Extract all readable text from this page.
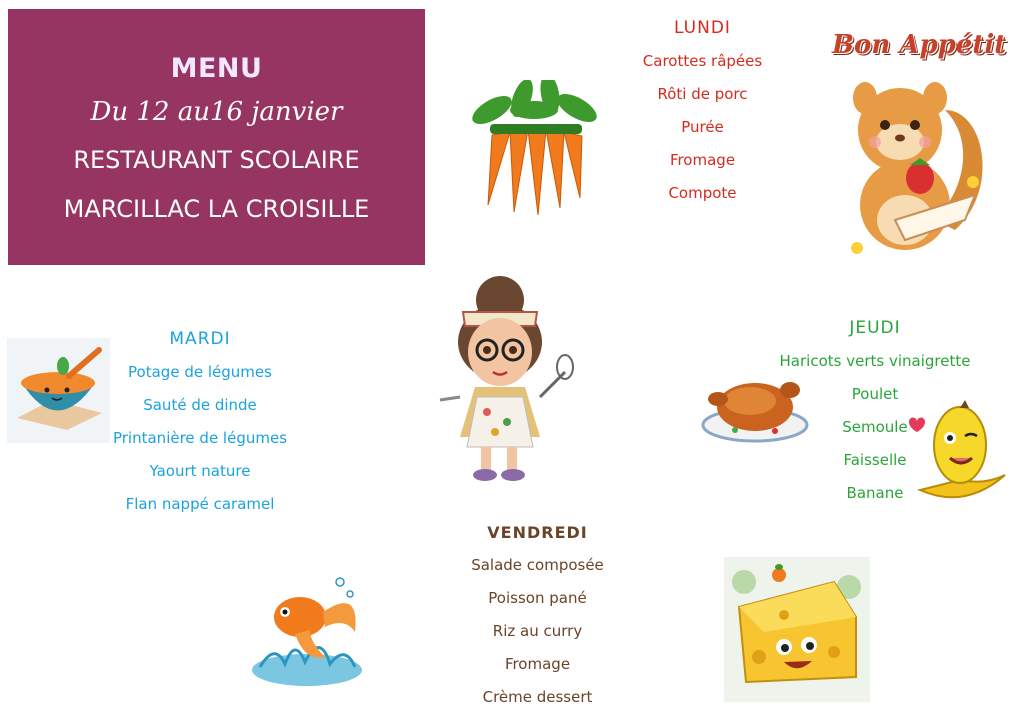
MENU
Du 12 au16 janvier
RESTAURANT SCOLAIRE
MARCILLAC LA CROISILLE
LUNDI
Carottes râpées
Rôti de porc
Purée
Fromage
Compote
MARDI
Potage de légumes
Sauté de dinde
Printanière de légumes
Yaourt nature
Flan nappé caramel
JEUDI
Haricots verts vinaigrette
Poulet
Semoule
Faisselle
Banane
VENDREDI
Salade composée
Poisson pané
Riz au curry
Fromage
Crème dessert
Bon Appétit
